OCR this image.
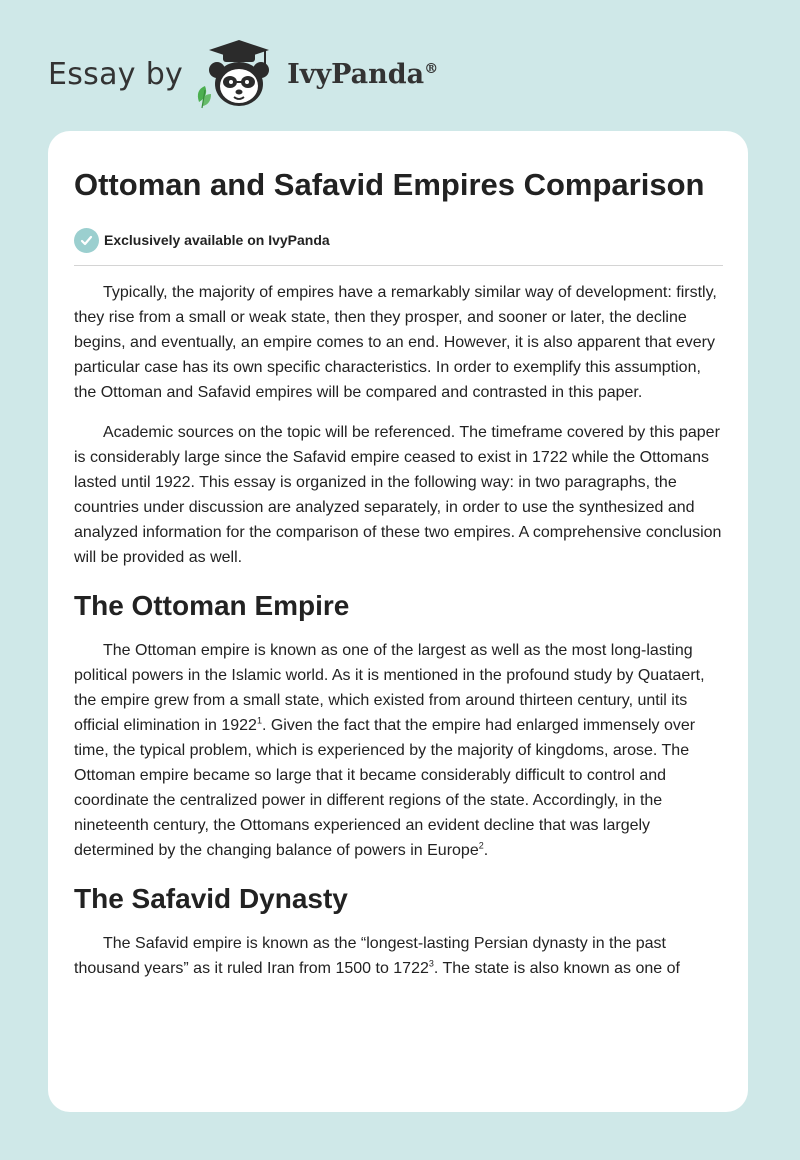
Essay by	IvyPanda®
Ottoman and Safavid Empires Comparison
Exclusively available on IvyPanda

Typically, the majority of empires have a remarkably similar way of development: firstly, they rise from a small or weak state, then they prosper, and sooner or later, the decline begins, and eventually, an empire comes to an end. However, it is also apparent that every particular case has its own specific characteristics. In order to exemplify this assumption, the Ottoman and Safavid empires will be compared and contrasted in this paper.

Academic sources on the topic will be referenced. The timeframe covered by this paper is considerably large since the Safavid empire ceased to exist in 1722 while the Ottomans lasted until 1922. This essay is organized in the following way: in two paragraphs, the countries under discussion are analyzed separately, in order to use the synthesized and analyzed information for the comparison of these two empires. A comprehensive conclusion will be provided as well.

The Ottoman Empire

The Ottoman empire is known as one of the largest as well as the most long-lasting political powers in the Islamic world. As it is mentioned in the profound study by Quataert, the empire grew from a small state, which existed from around thirteen century, until its official elimination in 1922$^1$. Given the fact that the empire had enlarged immensely over time, the typical problem, which is experienced by the majority of kingdoms, arose. The Ottoman empire became so large that it became considerably difficult to control and coordinate the centralized power in different regions of the state. Accordingly, in the nineteenth century, the Ottomans experienced an evident decline that was largely determined by the changing balance of powers in Europe$^2$.

The Safavid Dynasty

The Safavid empire is known as the “longest-lasting Persian dynasty in the past thousand years” as it ruled Iran from 1500 to 1722$^3$. The state is also known as one of
